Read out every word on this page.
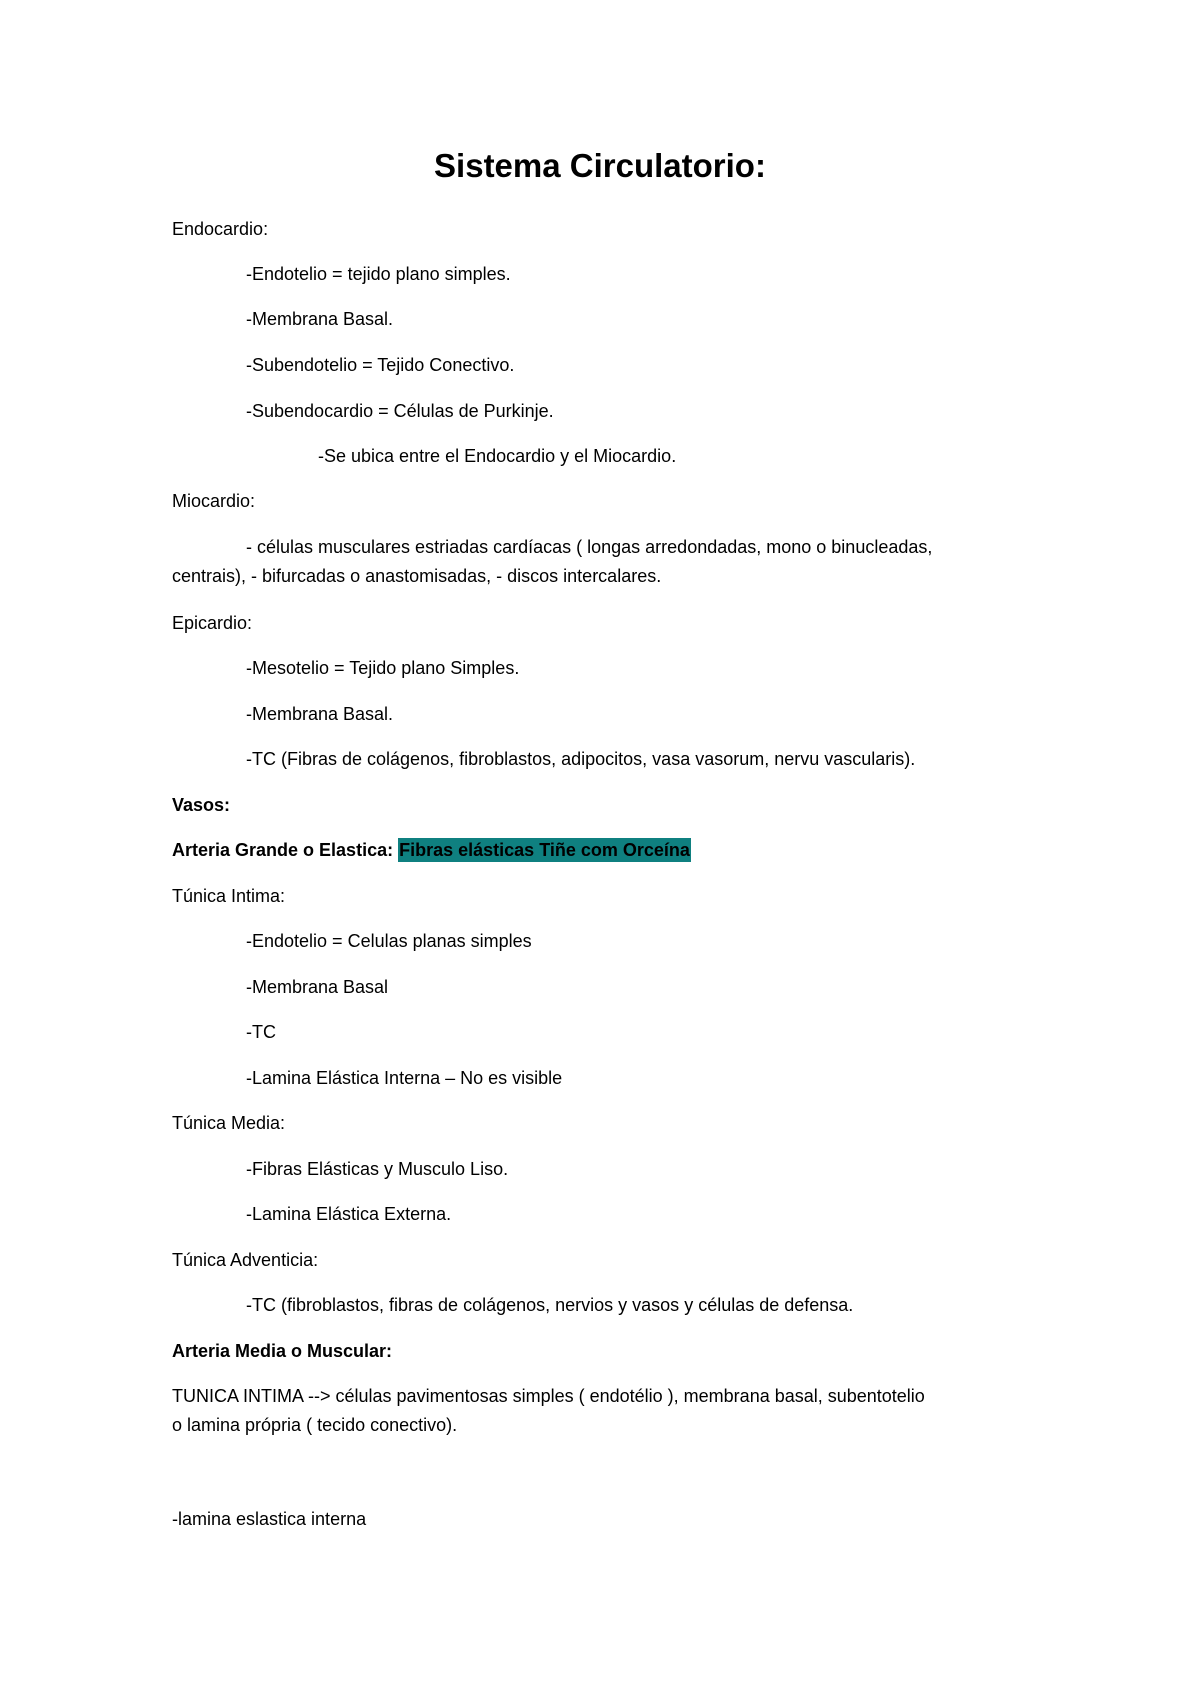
Sistema Circulatorio:
Endocardio:
-Endotelio = tejido plano simples.
-Membrana Basal.
-Subendotelio = Tejido Conectivo.
-Subendocardio = Células de Purkinje.
-Se ubica entre el Endocardio y el Miocardio.
Miocardio:
- células musculares estriadas cardíacas ( longas arredondadas, mono o binucleadas,
centrais), - bifurcadas o anastomisadas, - discos intercalares.
Epicardio:
-Mesotelio = Tejido plano Simples.
-Membrana Basal.
-TC (Fibras de colágenos, fibroblastos, adipocitos, vasa vasorum, nervu vascularis).
Vasos:
Arteria Grande o Elastica: Fibras elásticas Tiñe com Orceína
Túnica Intima:
-Endotelio = Celulas planas simples
-Membrana Basal
-TC
-Lamina Elástica Interna – No es visible
Túnica Media:
-Fibras Elásticas y Musculo Liso.
-Lamina Elástica Externa.
Túnica Adventicia:
-TC (fibroblastos, fibras de colágenos, nervios y vasos y células de defensa.
Arteria Media o Muscular:
TUNICA INTIMA --> células pavimentosas simples ( endotélio ), membrana basal, subentotelio
o lamina própria ( tecido conectivo).
-lamina eslastica interna
